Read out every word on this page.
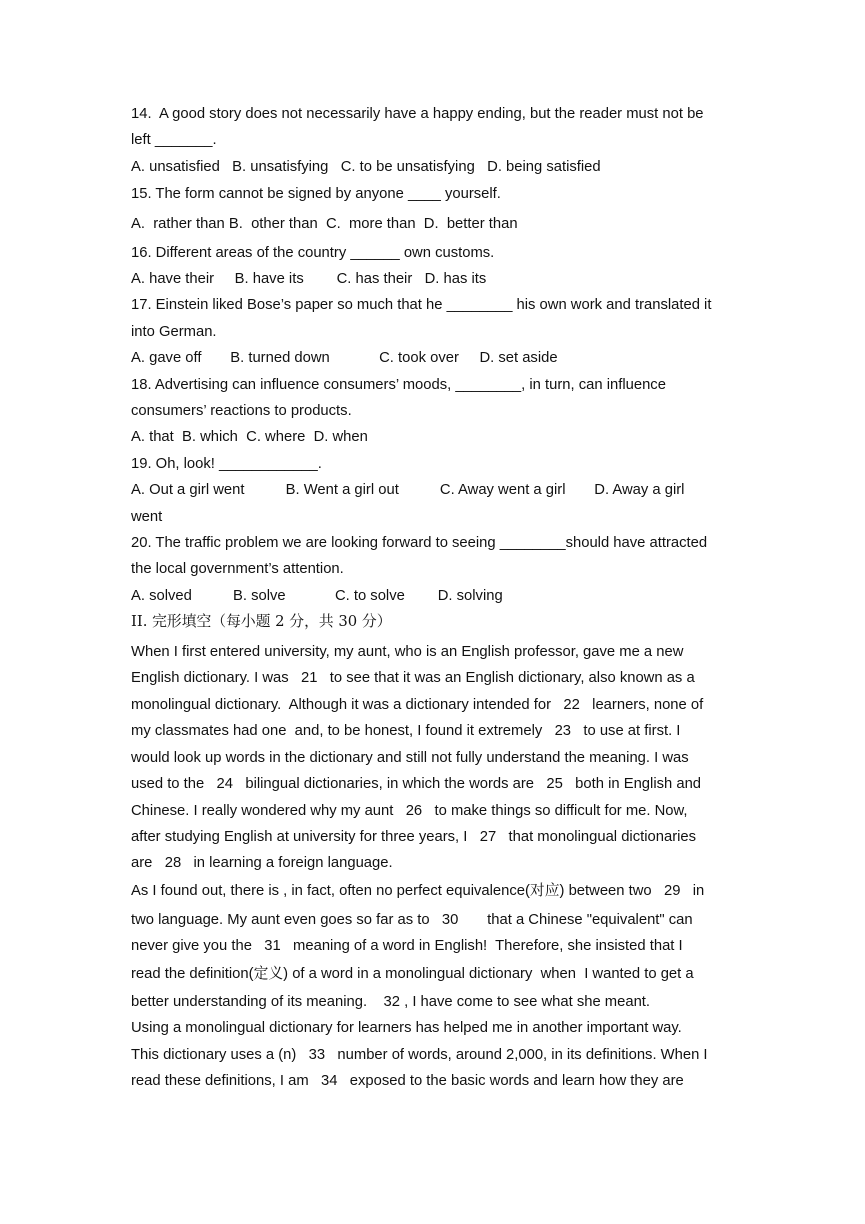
14.  A good story does not necessarily have a happy ending, but the reader must not be
left _______.
A. unsatisfied   B. unsatisfying   C. to be unsatisfying   D. being satisfied
15. The form cannot be signed by anyone ____ yourself.
A.  rather than B.  other than  C.  more than  D.  better than
16. Different areas of the country ______ own customs.
A. have their     B. have its        C. has their   D. has its
17. Einstein liked Bose’s paper so much that he ________ his own work and translated it
into German.
A. gave off       B. turned down            C. took over     D. set aside
18. Advertising can influence consumers’ moods, ________, in turn, can influence
consumers’ reactions to products.
A. that  B. which  C. where  D. when
19. Oh, look! ____________.
A. Out a girl went          B. Went a girl out          C. Away went a girl       D. Away a girl
went
20. The traffic problem we are looking forward to seeing ________should have attracted
the local government’s attention.
A. solved          B. solve            C. to solve        D. solving
II. 完形填空（每小题 2 分，共 30 分）
When I first entered university, my aunt, who is an English professor, gave me a new
English dictionary. I was   21   to see that it was an English dictionary, also known as a
monolingual dictionary.  Although it was a dictionary intended for   22   learners, none of
my classmates had one  and, to be honest, I found it extremely   23   to use at first. I
would look up words in the dictionary and still not fully understand the meaning. I was
used to the   24   bilingual dictionaries, in which the words are   25   both in English and
Chinese. I really wondered why my aunt   26   to make things so difficult for me. Now,
after studying English at university for three years, I   27   that monolingual dictionaries
are   28   in learning a foreign language.
As I found out, there is , in fact, often no perfect equivalence(对应) between two   29   in
two language. My aunt even goes so far as to   30       that a Chinese "equivalent" can
never give you the   31   meaning of a word in English!  Therefore, she insisted that I
read the definition(定义) of a word in a monolingual dictionary  when  I wanted to get a
better understanding of its meaning.    32 , I have come to see what she meant.
Using a monolingual dictionary for learners has helped me in another important way.
This dictionary uses a (n)   33   number of words, around 2,000, in its definitions. When I
read these definitions, I am   34   exposed to the basic words and learn how they are
